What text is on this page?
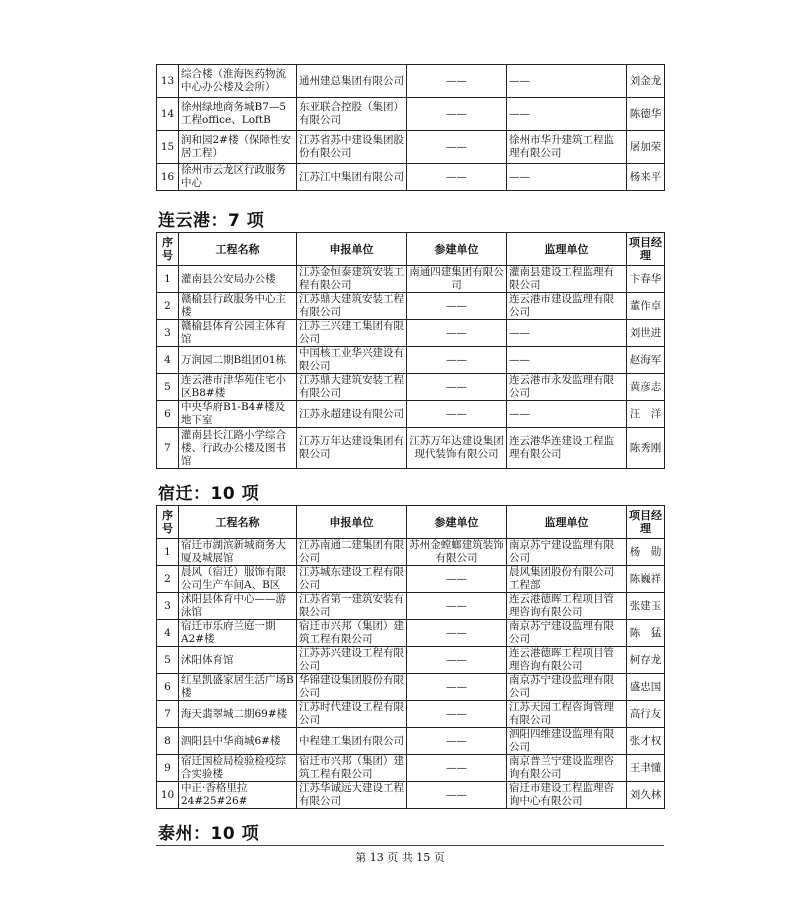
13	综合楼（淮海医药物流中心办公楼及会所）	通州建总集团有限公司	——	——	刘金龙
14	徐州绿地商务城B7—5工程office、LoftB	东亚联合控股（集团）有限公司	——	——	陈德华
15	润和园2#楼（保障性安居工程）	江苏省苏中建设集团股份有限公司	——	徐州市华升建筑工程监理有限公司	屠加荣
16	徐州市云龙区行政服务中心	江苏江中集团有限公司	——	——	杨来平
连云港：7 项
序号	工程名称	申报单位	参建单位	监理单位	项目经理
1	灌南县公安局办公楼	江苏金恒泰建筑安装工程有限公司	南通四建集团有限公司	灌南县建设工程监理有限公司	卞春华
2	赣榆县行政服务中心主楼	江苏鼎大建筑安装工程有限公司	——	连云港市建设监理有限公司	董作卓
3	赣榆县体育公园主体育馆	江苏三兴建工集团有限公司	——	——	刘世进
4	万润园二期B组团01栋	中国核工业华兴建设有限公司	——	——	赵海军
5	连云港市津华苑住宅小区B8#楼	江苏鼎大建筑安装工程有限公司	——	连云港市永发监理有限公司	黄彦志
6	中央华府B1-B4#楼及地下室	江苏永超建设有限公司	——	——	汪　洋
7	灌南县长江路小学综合楼、行政办公楼及图书馆	江苏万年达建设集团有限公司	江苏万年达建设集团现代装饰有限公司	连云港华连建设工程监理有限公司	陈秀刚
宿迁：10 项
序号	工程名称	申报单位	参建单位	监理单位	项目经理
1	宿迁市湖滨新城商务大厦及城展馆	江苏南通二建集团有限公司	苏州金螳螂建筑装饰有限公司	南京苏宁建设监理有限公司	杨　勋
2	晨风（宿迁）服饰有限公司生产车间A、B区	江苏城东建设工程有限公司	——	晨风集团股份有限公司工程部	陈巍祥
3	沭阳县体育中心——游泳馆	江苏省第一建筑安装有限公司	——	连云港德晖工程项目管理咨询有限公司	张建玉
4	宿迁市乐府兰庭一期A2#楼	宿迁市兴邦（集团）建筑工程有限公司	——	南京苏宁建设监理有限公司	陈　猛
5	沭阳体育馆	江苏苏兴建设工程有限公司	——	连云港德晖工程项目管理咨询有限公司	柯存龙
6	红星凯盛家居生活广场B楼	华锦建设集团股份有限公司	——	南京苏宁建设监理有限公司	盛忠国
7	海天翡翠城二期69#楼	江苏时代建设工程有限公司	——	江苏天园工程咨询管理有限公司	高行友
8	泗阳县中华商城6#楼	中程建工集团有限公司	——	泗阳四维建设监理有限公司	张才权
9	宿迁国检局检验检疫综合实验楼	宿迁市兴邦（集团）建筑工程有限公司	——	南京普兰宁建设监理咨询有限公司	王聿懂
10	中正·香格里拉24#25#26#	江苏华诚远大建设工程有限公司	——	宿迁市建设工程监理咨询中心有限公司	刘久林
泰州：10 项
第 13 页 共 15 页
